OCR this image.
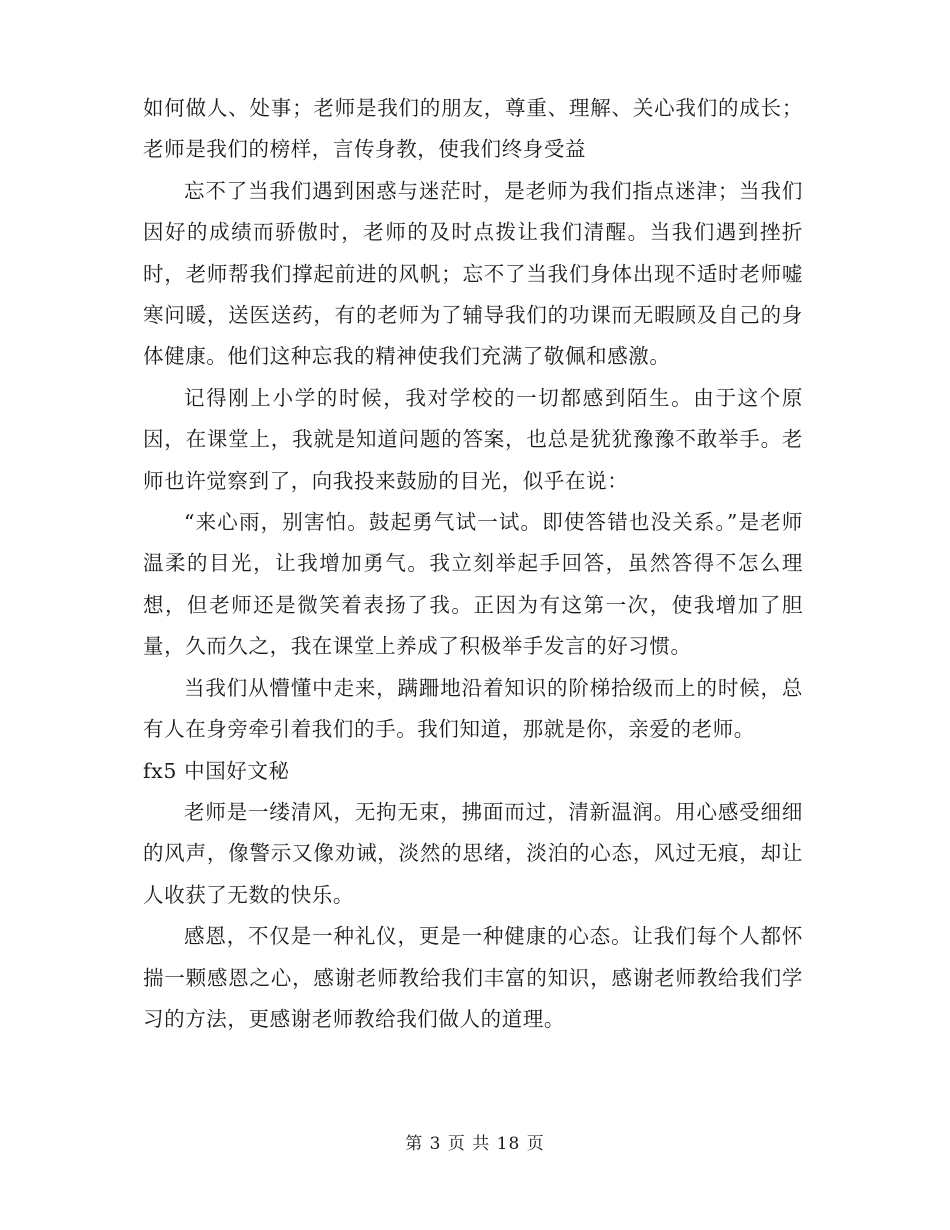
如何做人、处事；老师是我们的朋友，尊重、理解、关心我们的成长；老师是我们的榜样，言传身教，使我们终身受益

忘不了当我们遇到困惑与迷茫时，是老师为我们指点迷津；当我们因好的成绩而骄傲时，老师的及时点拨让我们清醒。当我们遇到挫折时，老师帮我们撑起前进的风帆；忘不了当我们身体出现不适时老师嘘寒问暖，送医送药，有的老师为了辅导我们的功课而无暇顾及自己的身体健康。他们这种忘我的精神使我们充满了敬佩和感激。

记得刚上小学的时候，我对学校的一切都感到陌生。由于这个原因，在课堂上，我就是知道问题的答案，也总是犹犹豫豫不敢举手。老师也许觉察到了，向我投来鼓励的目光，似乎在说：

“来心雨，别害怕。鼓起勇气试一试。即使答错也没关系。”是老师温柔的目光，让我增加勇气。我立刻举起手回答，虽然答得不怎么理想，但老师还是微笑着表扬了我。正因为有这第一次，使我增加了胆量，久而久之，我在课堂上养成了积极举手发言的好习惯。

当我们从懵懂中走来，蹒跚地沿着知识的阶梯拾级而上的时候，总有人在身旁牵引着我们的手。我们知道，那就是你，亲爱的老师。

fx5 中国好文秘

老师是一缕清风，无拘无束，拂面而过，清新温润。用心感受细细的风声，像警示又像劝诫，淡然的思绪，淡泊的心态，风过无痕，却让人收获了无数的快乐。

感恩，不仅是一种礼仪，更是一种健康的心态。让我们每个人都怀揣一颗感恩之心，感谢老师教给我们丰富的知识，感谢老师教给我们学习的方法，更感谢老师教给我们做人的道理。

第 3 页 共 18 页
